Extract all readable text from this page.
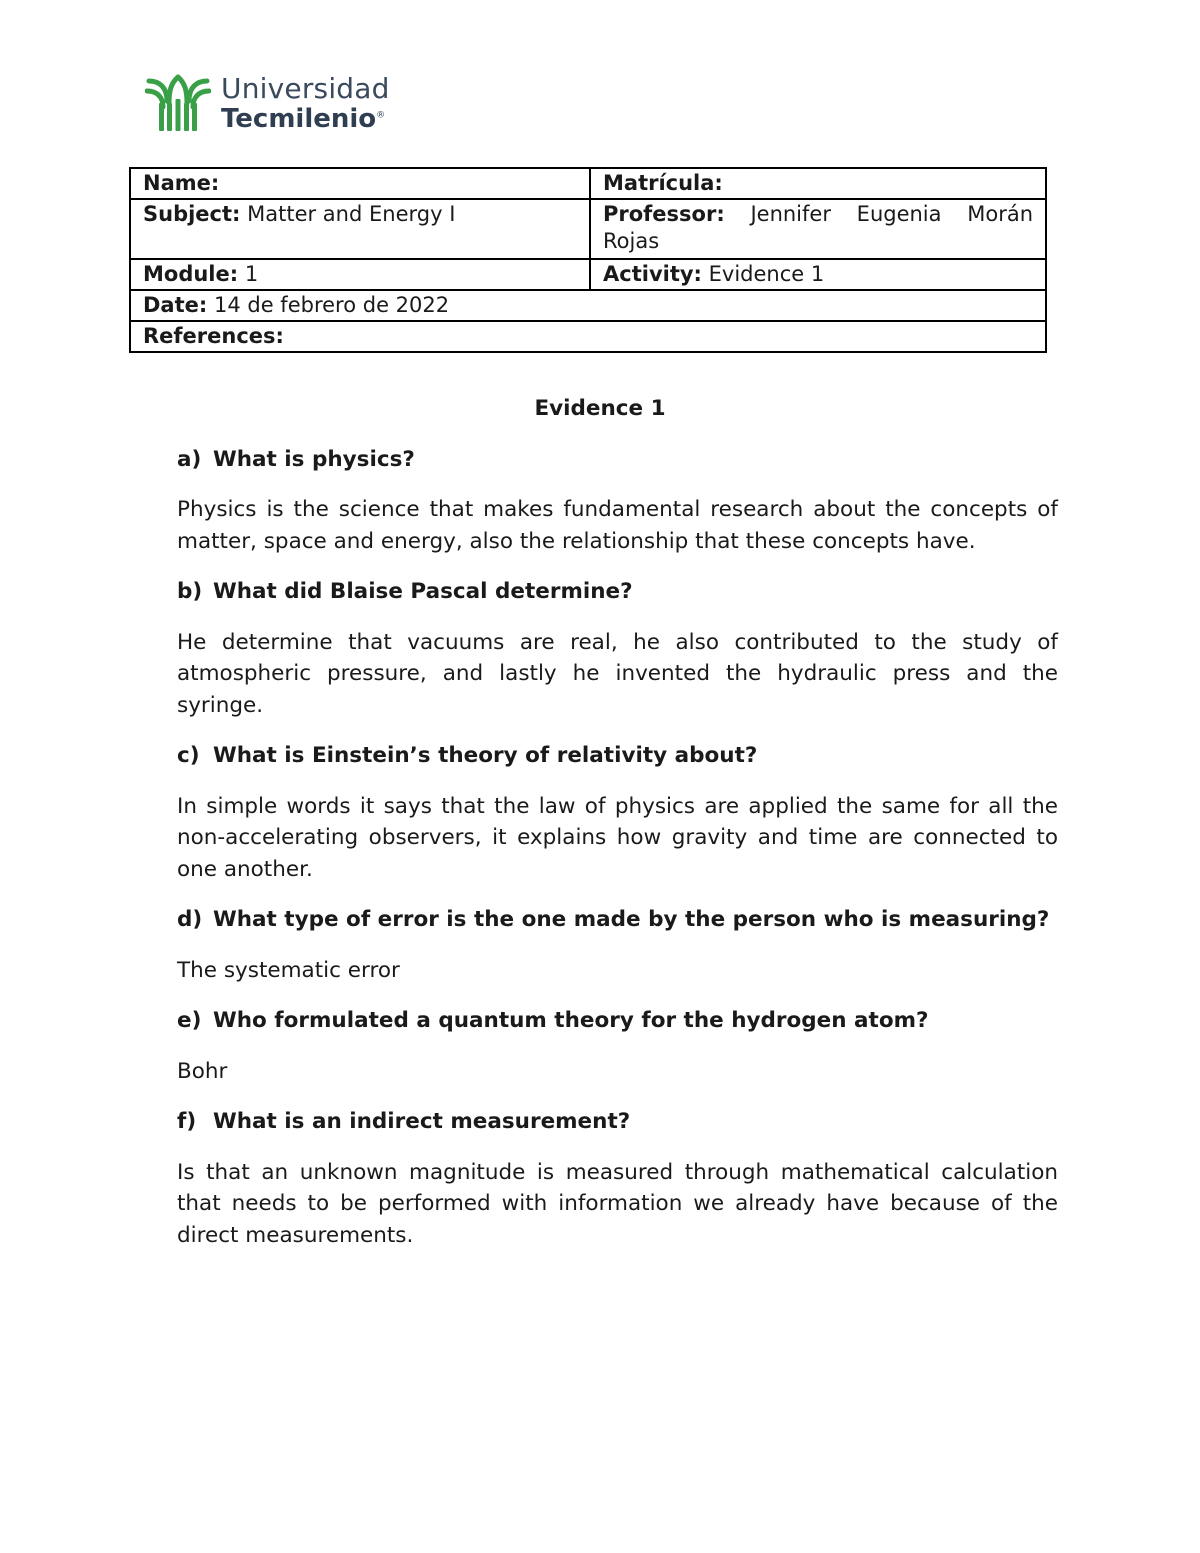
Universidad
Tecmilenio®
Name:	Matrícula:
Subject: Matter and Energy I	Professor: Jennifer Eugenia Morán Rojas
Module: 1	Activity: Evidence 1
Date: 14 de febrero de 2022	
References:	
Evidence 1
a) What is physics?
Physics is the science that makes fundamental research about the concepts of matter, space and energy, also the relationship that these concepts have.
b) What did Blaise Pascal determine?
He determine that vacuums are real, he also contributed to the study of atmospheric pressure, and lastly he invented the hydraulic press and the syringe.
c) What is Einstein’s theory of relativity about?
In simple words it says that the law of physics are applied the same for all the non-accelerating observers, it explains how gravity and time are connected to one another.
d) What type of error is the one made by the person who is measuring?
The systematic error
e) Who formulated a quantum theory for the hydrogen atom?
Bohr
f) What is an indirect measurement?
Is that an unknown magnitude is measured through mathematical calculation that needs to be performed with information we already have because of the direct measurements.
